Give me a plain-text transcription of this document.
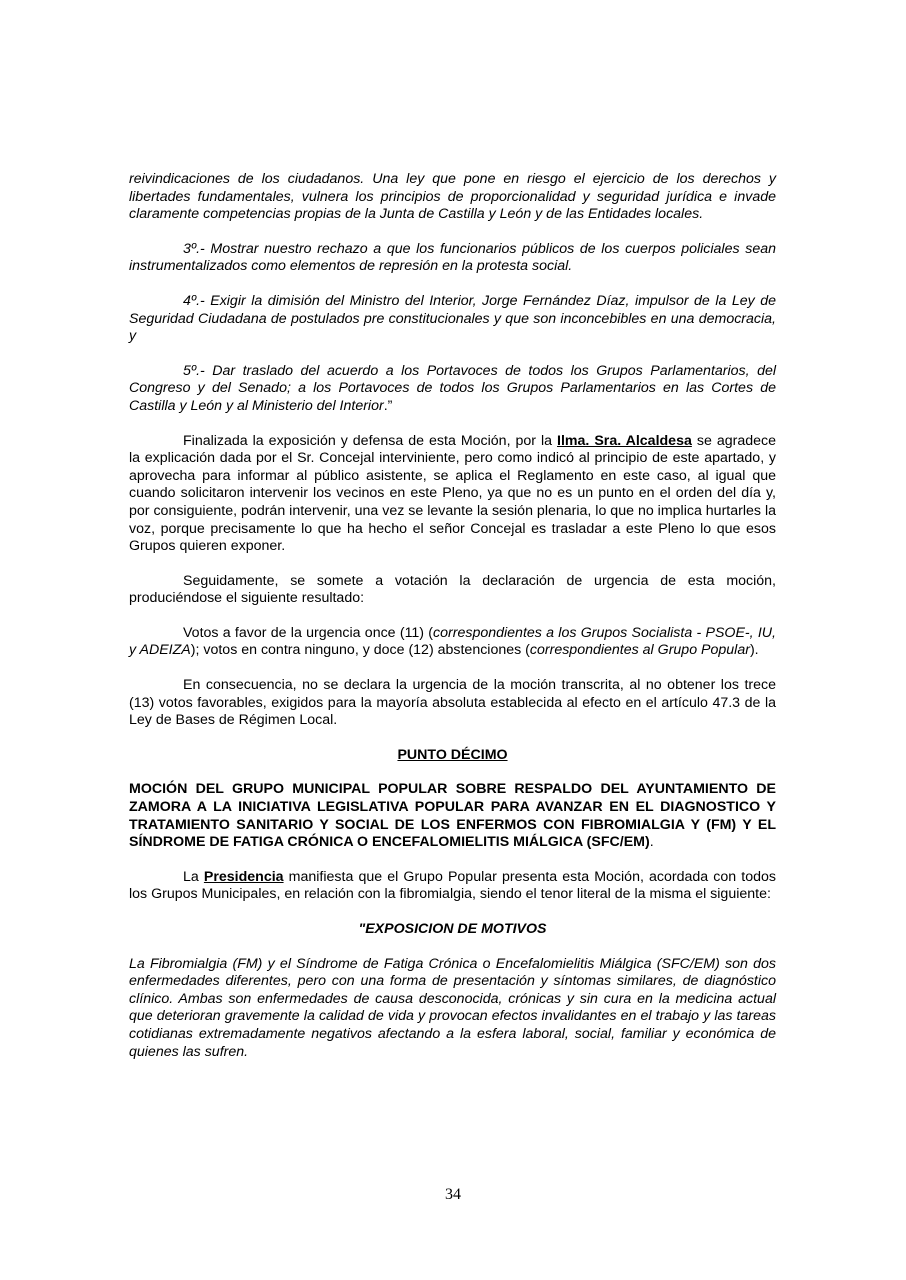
reivindicaciones de los ciudadanos. Una ley que pone en riesgo el ejercicio de los derechos y libertades fundamentales, vulnera los principios de proporcionalidad y seguridad jurídica e invade claramente competencias propias de la Junta de Castilla y León y de las Entidades locales.

3º.- Mostrar nuestro rechazo a que los funcionarios públicos de los cuerpos policiales sean instrumentalizados como elementos de represión en la protesta social.

4º.- Exigir la dimisión del Ministro del Interior, Jorge Fernández Díaz, impulsor de la Ley de Seguridad Ciudadana de postulados pre constitucionales y que son inconcebibles en una democracia, y

5º.- Dar traslado del acuerdo a los Portavoces de todos los Grupos Parlamentarios, del Congreso y del Senado; a los Portavoces de todos los Grupos Parlamentarios en las Cortes de Castilla y León y al Ministerio del Interior.”

Finalizada la exposición y defensa de esta Moción, por la Ilma. Sra. Alcaldesa se agradece la explicación dada por el Sr. Concejal interviniente, pero como indicó al principio de este apartado, y aprovecha para informar al público asistente, se aplica el Reglamento en este caso, al igual que cuando solicitaron intervenir los vecinos en este Pleno, ya que no es un punto en el orden del día y, por consiguiente, podrán intervenir, una vez se levante la sesión plenaria, lo que no implica hurtarles la voz, porque precisamente lo que ha hecho el señor Concejal es trasladar a este Pleno lo que esos Grupos quieren exponer.

Seguidamente, se somete a votación la declaración de urgencia de esta moción, produciéndose el siguiente resultado:

Votos a favor de la urgencia once (11) (correspondientes a los Grupos Socialista - PSOE-, IU, y ADEIZA); votos en contra ninguno, y doce (12) abstenciones (correspondientes al Grupo Popular).

En consecuencia, no se declara la urgencia de la moción transcrita, al no obtener los trece (13) votos favorables, exigidos para la mayoría absoluta establecida al efecto en el artículo 47.3 de la Ley de Bases de Régimen Local.

PUNTO DÉCIMO

MOCIÓN DEL GRUPO MUNICIPAL POPULAR SOBRE RESPALDO DEL AYUNTAMIENTO DE ZAMORA A LA INICIATIVA LEGISLATIVA POPULAR PARA AVANZAR EN EL DIAGNOSTICO Y TRATAMIENTO SANITARIO Y SOCIAL DE LOS ENFERMOS CON FIBROMIALGIA Y (FM) Y EL SÍNDROME DE FATIGA CRÓNICA O ENCEFALOMIELITIS MIÁLGICA (SFC/EM).

La Presidencia manifiesta que el Grupo Popular presenta esta Moción, acordada con todos los Grupos Municipales, en relación con la fibromialgia, siendo el tenor literal de la misma el siguiente:

"EXPOSICION DE MOTIVOS

La Fibromialgia (FM) y el Síndrome de Fatiga Crónica o Encefalomielitis Miálgica (SFC/EM) son dos enfermedades diferentes, pero con una forma de presentación y síntomas similares, de diagnóstico clínico. Ambas son enfermedades de causa desconocida, crónicas y sin cura en la medicina actual que deterioran gravemente la calidad de vida y provocan efectos invalidantes en el trabajo y las tareas cotidianas extremadamente negativos afectando a la esfera laboral, social, familiar y económica de quienes las sufren.

34
